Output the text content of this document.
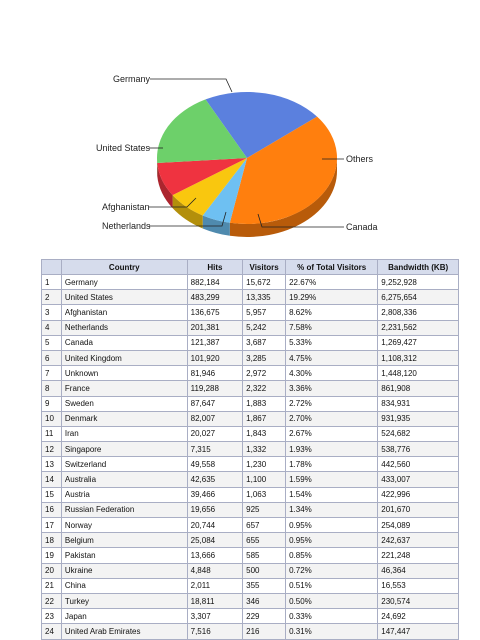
Germany
Others
Canada
Netherlands
Afghanistan
United States
	Country	Hits	Visitors	% of Total Visitors	Bandwidth (KB)
1	Germany	882,184	15,672	22.67%	9,252,928
2	United States	483,299	13,335	19.29%	6,275,654
3	Afghanistan	136,675	5,957	8.62%	2,808,336
4	Netherlands	201,381	5,242	7.58%	2,231,562
5	Canada	121,387	3,687	5.33%	1,269,427
6	United Kingdom	101,920	3,285	4.75%	1,108,312
7	Unknown	81,946	2,972	4.30%	1,448,120
8	France	119,288	2,322	3.36%	861,908
9	Sweden	87,647	1,883	2.72%	834,931
10	Denmark	82,007	1,867	2.70%	931,935
11	Iran	20,027	1,843	2.67%	524,682
12	Singapore	7,315	1,332	1.93%	538,776
13	Switzerland	49,558	1,230	1.78%	442,560
14	Australia	42,635	1,100	1.59%	433,007
15	Austria	39,466	1,063	1.54%	422,996
16	Russian Federation	19,656	925	1.34%	201,670
17	Norway	20,744	657	0.95%	254,089
18	Belgium	25,084	655	0.95%	242,637
19	Pakistan	13,666	585	0.85%	221,248
20	Ukraine	4,848	500	0.72%	46,364
21	China	2,011	355	0.51%	16,553
22	Turkey	18,811	346	0.50%	230,574
23	Japan	3,307	229	0.33%	24,692
24	United Arab Emirates	7,516	216	0.31%	147,447
